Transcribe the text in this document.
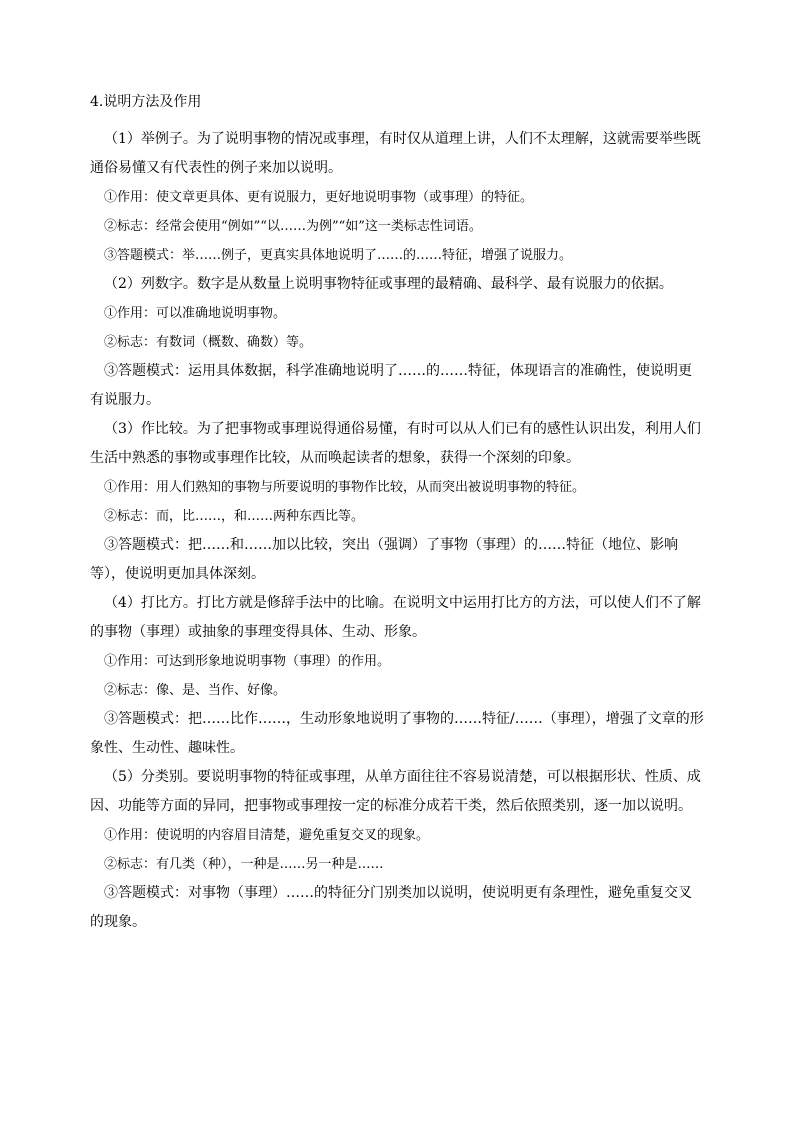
4.说明方法及作用

（1）举例子。为了说明事物的情况或事理，有时仅从道理上讲，人们不太理解，这就需要举些既通俗易懂又有代表性的例子来加以说明。

①作用：使文章更具体、更有说服力，更好地说明事物（或事理）的特征。

②标志：经常会使用“例如”“以……为例”“如”这一类标志性词语。

③答题模式：举……例子，更真实具体地说明了……的……特征，增强了说服力。

（2）列数字。数字是从数量上说明事物特征或事理的最精确、最科学、最有说服力的依据。

①作用：可以准确地说明事物。

②标志：有数词（概数、确数）等。

③答题模式：运用具体数据，科学准确地说明了……的……特征，体现语言的准确性，使说明更有说服力。

（3）作比较。为了把事物或事理说得通俗易懂，有时可以从人们已有的感性认识出发，利用人们生活中熟悉的事物或事理作比较，从而唤起读者的想象，获得一个深刻的印象。

①作用：用人们熟知的事物与所要说明的事物作比较，从而突出被说明事物的特征。

②标志：而，比……，和……两种东西比等。

③答题模式：把……和……加以比较，突出（强调）了事物（事理）的……特征（地位、影响等），使说明更加具体深刻。

（4）打比方。打比方就是修辞手法中的比喻。在说明文中运用打比方的方法，可以使人们不了解的事物（事理）或抽象的事理变得具体、生动、形象。

①作用：可达到形象地说明事物（事理）的作用。

②标志：像、是、当作、好像。

③答题模式：把……比作……，生动形象地说明了事物的……特征/……（事理），增强了文章的形象性、生动性、趣味性。

（5）分类别。要说明事物的特征或事理，从单方面往往不容易说清楚，可以根据形状、性质、成因、功能等方面的异同，把事物或事理按一定的标准分成若干类，然后依照类别，逐一加以说明。

①作用：使说明的内容眉目清楚，避免重复交叉的现象。

②标志：有几类（种），一种是……另一种是……

③答题模式：对事物（事理）……的特征分门别类加以说明，使说明更有条理性，避免重复交叉的现象。
